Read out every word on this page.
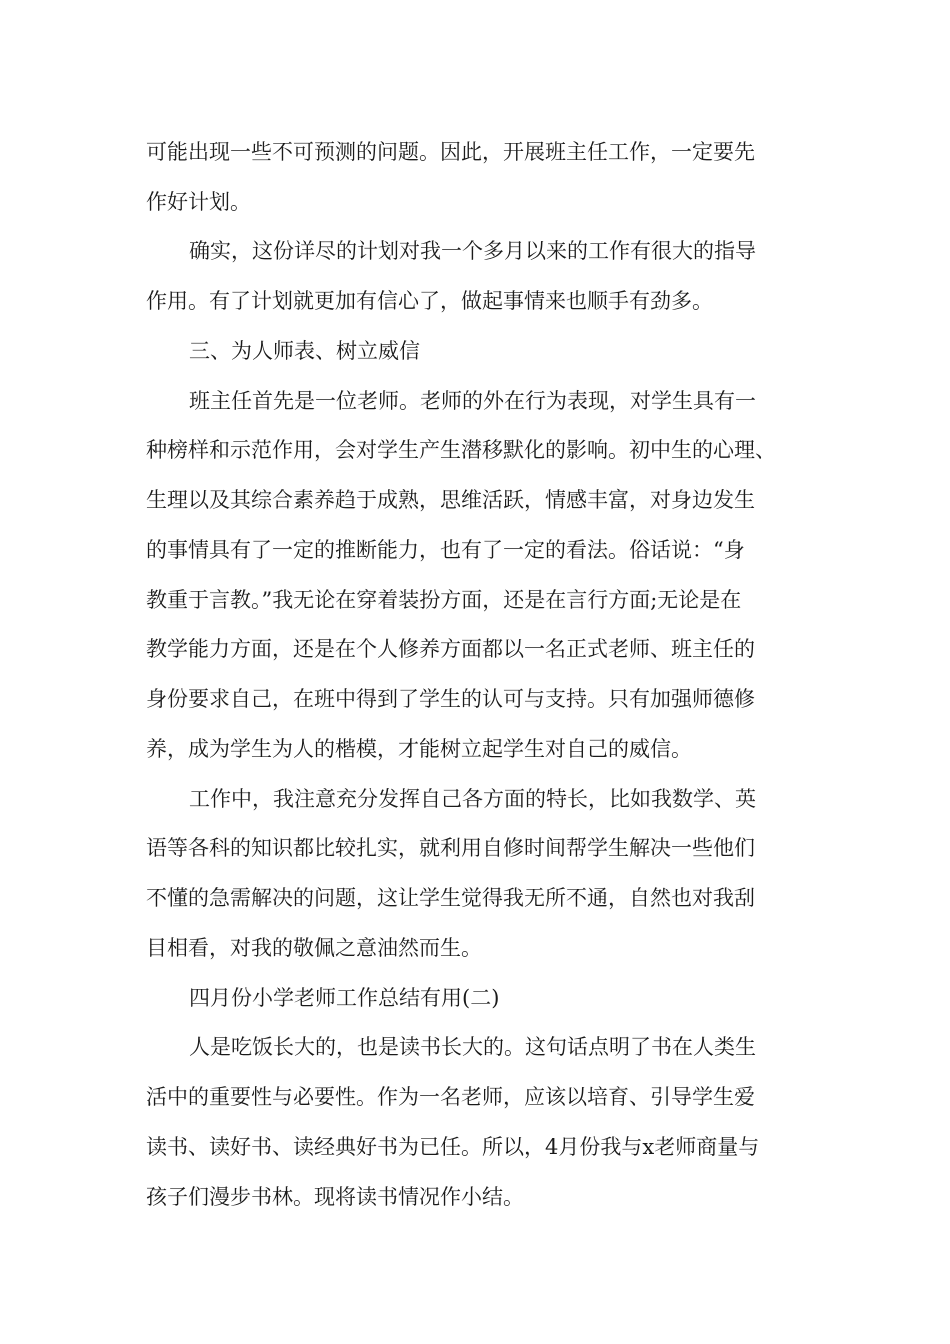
可能出现一些不可预测的问题。因此，开展班主任工作，一定要先
作好计划。
确实，这份详尽的计划对我一个多月以来的工作有很大的指导
作用。有了计划就更加有信心了，做起事情来也顺手有劲多。
三、为人师表、树立威信
班主任首先是一位老师。老师的外在行为表现，对学生具有一
种榜样和示范作用，会对学生产生潜移默化的影响。初中生的心理、
生理以及其综合素养趋于成熟，思维活跃，情感丰富，对身边发生
的事情具有了一定的推断能力，也有了一定的看法。俗话说：“身
教重于言教。”我无论在穿着装扮方面，还是在言行方面;无论是在
教学能力方面，还是在个人修养方面都以一名正式老师、班主任的
身份要求自己，在班中得到了学生的认可与支持。只有加强师德修
养，成为学生为人的楷模，才能树立起学生对自己的威信。
工作中，我注意充分发挥自己各方面的特长，比如我数学、英
语等各科的知识都比较扎实，就利用自修时间帮学生解决一些他们
不懂的急需解决的问题，这让学生觉得我无所不通，自然也对我刮
目相看，对我的敬佩之意油然而生。
四月份小学老师工作总结有用(二)
人是吃饭长大的，也是读书长大的。这句话点明了书在人类生
活中的重要性与必要性。作为一名老师，应该以培育、引导学生爱
读书、读好书、读经典好书为已任。所以，4月份我与x老师商量与
孩子们漫步书林。现将读书情况作小结。
